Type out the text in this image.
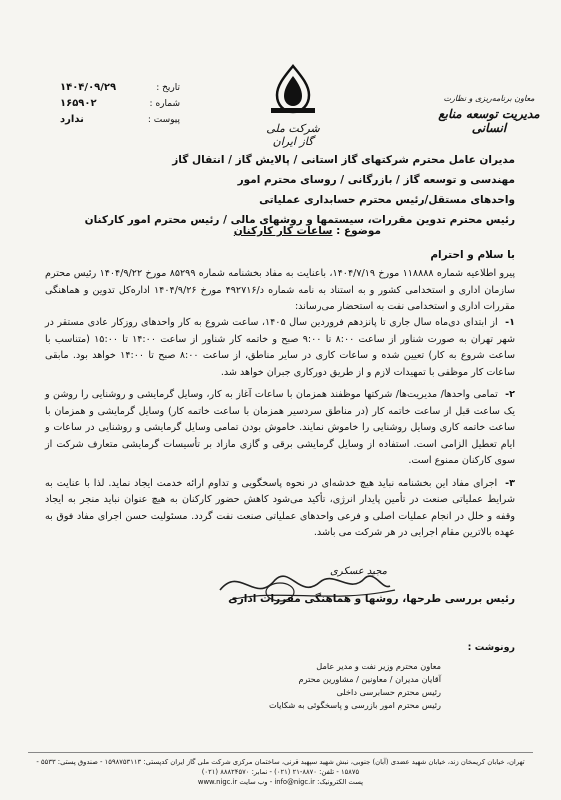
تاریخ :
۱۴۰۴/۰۹/۲۹
شماره :
۱۶۵۹۰۲
پیوست :
ندارد
شرکت ملی گاز ایران
معاون برنامه‌ریزی و نظارت
مدیریت توسعه منابع انسانی
مدیران عامل محترم شرکتهای گاز استانی / پالایش گاز / انتقال گاز
مهندسی و توسعه گاز / بازرگانی / روسای محترم امور
واحدهای مستقل/رئیس محترم حسابداری عملیاتی
رئیس محترم تدوین مقررات، سیستمها و روشهای مالی / رئیس محترم امور کارکنان
موضوع : ساعات کار کارکنان
با سلام و احترام
پیرو اطلاعیه شماره ۱۱۸۸۸۸ مورخ ۱۴۰۴/۷/۱۹، باعنایت به مفاد بخشنامه شماره ۸۵۲۹۹ مورخ ۱۴۰۴/۹/۲۲ رئیس محترم سازمان اداری و استخدامی کشور و به استناد به نامه شماره د/۴۹۲۷۱۶ مورخ ۱۴۰۴/۹/۲۶ اداره‌کل تدوین و هماهنگی مقررات اداری و استخدامی نفت به استحضار می‌رساند:
۱- از ابتدای دی‌ماه سال جاری تا پانزدهم فروردین سال ۱۴۰۵، ساعت شروع به کار واحدهای روزکار عادی مستقر در شهر تهران به صورت شناور از ساعت ۸:۰۰ تا ۹:۰۰ صبح و خاتمه کار شناور از ساعت ۱۴:۰۰ تا ۱۵:۰۰ (متناسب با ساعت شروع به کار) تعیین شده و ساعات کاری در سایر مناطق، از ساعت ۸:۰۰ صبح تا ۱۴:۰۰ خواهد بود. مابقی ساعات کار موظفی با تمهیدات لازم و از طریق دورکاری جبران خواهد شد.
۲- تمامی واحدها/ مدیریت‌ها/ شرکتها موظفند همزمان با ساعات آغاز به کار، وسایل گرمایشی و روشنایی را روشن و یک ساعت قبل از ساعت خاتمه کار (در مناطق سردسیر همزمان با ساعت خاتمه کار) وسایل گرمایشی و همزمان با ساعت خاتمه کاری وسایل روشنایی را خاموش نمایند. خاموش بودن تمامی وسایل گرمایشی و روشنایی در ساعات و ایام تعطیل الزامی است. استفاده از وسایل گرمایشی برقی و گازی مازاد بر تأسیسات گرمایشی متعارف شرکت از سوی کارکنان ممنوع است.
۳- اجرای مفاد این بخشنامه نباید هیچ خدشه‌ای در نحوه پاسخگویی و تداوم ارائه خدمت ایجاد نماید. لذا با عنایت به شرایط عملیاتی صنعت در تأمین پایدار انرژی، تأکید می‌شود کاهش حضور کارکنان به هیچ عنوان نباید منجر به ایجاد وقفه و خلل در انجام عملیات اصلی و فرعی واحدهای عملیاتی صنعت نفت گردد. مسئولیت حسن اجرای مفاد فوق به عهده بالاترین مقام اجرایی در هر شرکت می باشد.
مجید عسکری
رئیس بررسی طرحها، روشها و هماهنگی مقررات اداری
رونوشت :
معاون محترم وزیر نفت و مدیر عامل
آقایان مدیران / معاونین / مشاورین محترم
رئیس محترم حسابرسی داخلی
رئیس محترم امور بازرسی و پاسخگوئی به شکایات
تهران، خیابان کریمخان زند، خیابان شهید عضدی (آبان) جنوبی، نبش شهید سپهبد قرنی، ساختمان مرکزی شرکت ملی گاز ایران کدپستی: ۱۵۹۸۷۵۳۱۱۳ - صندوق پستی: ۵۵۳۳ - ۱۵۸۷۵ - تلفن: ۸۸۷۰-۲۱ (۰۲۱) - نمابر: ۸۸۸۲۴۵۷۰ (۰۲۱)
پست الکترونیک: info@nigc.ir - وب سایت www.nigc.ir
